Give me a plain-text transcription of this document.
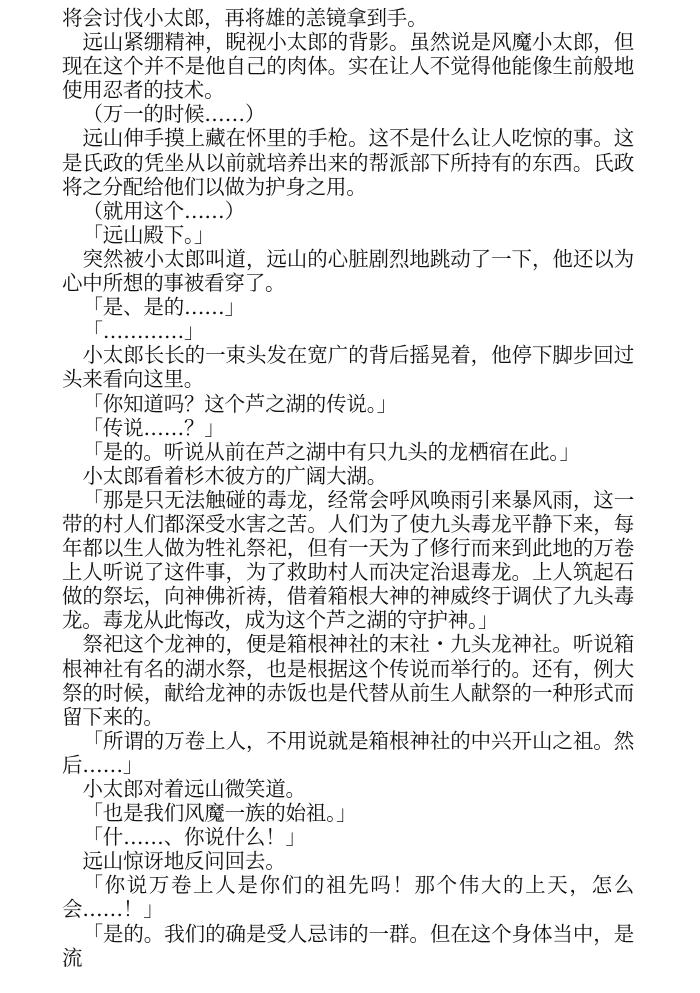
将会讨伐小太郎，再将雄的恙镜拿到手。

远山紧绷精神，睨视小太郎的背影。虽然说是风魔小太郎，但现在这个并不是他自己的肉体。实在让人不觉得他能像生前般地使用忍者的技术。

（万一的时候……）

远山伸手摸上藏在怀里的手枪。这不是什么让人吃惊的事。这是氏政的凭坐从以前就培养出来的帮派部下所持有的东西。氏政将之分配给他们以做为护身之用。

（就用这个……）

「远山殿下。」

突然被小太郎叫道，远山的心脏剧烈地跳动了一下，他还以为心中所想的事被看穿了。

「是、是的……」

「…………」

小太郎长长的一束头发在宽广的背后摇晃着，他停下脚步回过头来看向这里。

「你知道吗？这个芦之湖的传说。」

「传说……？」

「是的。听说从前在芦之湖中有只九头的龙栖宿在此。」

小太郎看着杉木彼方的广阔大湖。

「那是只无法触碰的毒龙，经常会呼风唤雨引来暴风雨，这一带的村人们都深受水害之苦。人们为了使九头毒龙平静下来，每年都以生人做为牲礼祭祀，但有一天为了修行而来到此地的万卷上人听说了这件事，为了救助村人而决定治退毒龙。上人筑起石做的祭坛，向神佛祈祷，借着箱根大神的神威终于调伏了九头毒龙。毒龙从此悔改，成为这个芦之湖的守护神。」

祭祀这个龙神的，便是箱根神社的末社・九头龙神社。听说箱根神社有名的湖水祭，也是根据这个传说而举行的。还有，例大祭的时候，献给龙神的赤饭也是代替从前生人献祭的一种形式而留下来的。

「所谓的万卷上人，不用说就是箱根神社的中兴开山之祖。然后……」

小太郎对着远山微笑道。

「也是我们风魔一族的始祖。」

「什……、你说什么！」

远山惊讶地反问回去。

「你说万卷上人是你们的祖先吗！那个伟大的上天，怎么会……！」

「是的。我们的确是受人忌讳的一群。但在这个身体当中，是流
